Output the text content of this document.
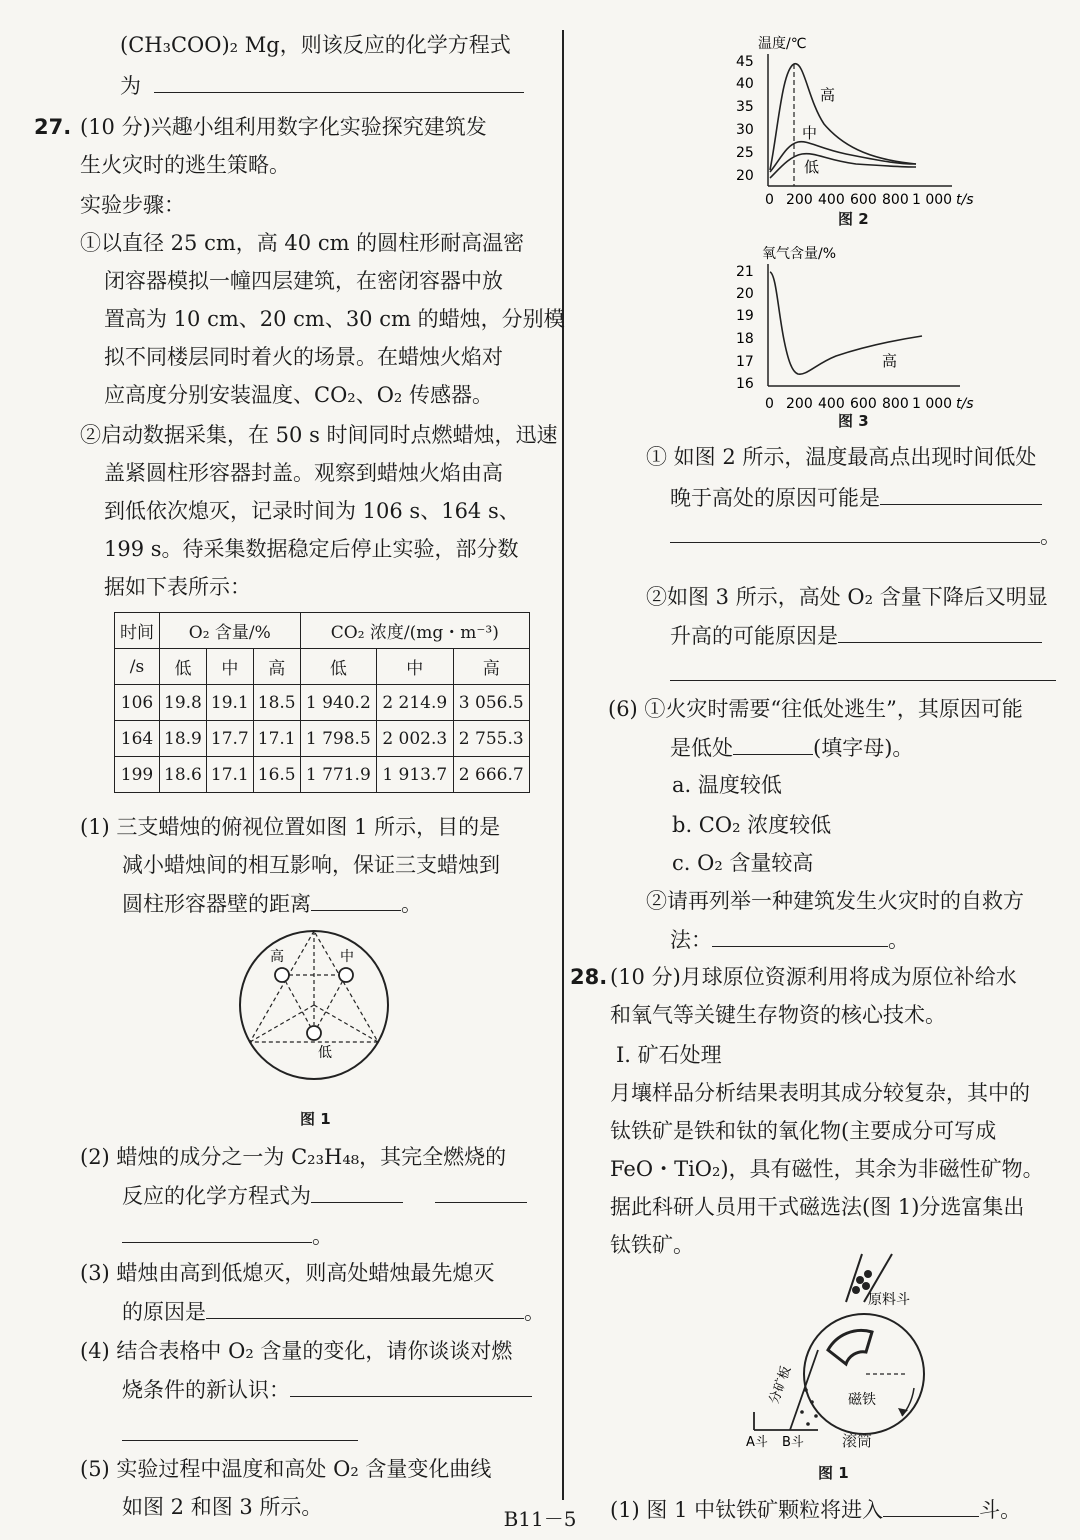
(CH₃COO)₂ Mg，则该反应的化学方程式
为
27. (10 分)兴趣小组利用数字化实验探究建筑发
生火灾时的逃生策略。
实验步骤：
①以直径 25 cm，高 40 cm 的圆柱形耐高温密
闭容器模拟一幢四层建筑，在密闭容器中放
置高为 10 cm、20 cm、30 cm 的蜡烛，分别模
拟不同楼层同时着火的场景。在蜡烛火焰对
应高度分别安装温度、CO₂、O₂ 传感器。
②启动数据采集，在 50 s 时间同时点燃蜡烛，迅速
盖紧圆柱形容器封盖。观察到蜡烛火焰由高
到低依次熄灭，记录时间为 106 s、164 s、
199 s。待采集数据稳定后停止实验，部分数
据如下表所示：
时间	O₂ 含量/%			CO₂ 浓度/(mg・m⁻³)		
/s	低	中	高	低	中	高
106	19.8	19.1	18.5	1 940.2	2 214.9	3 056.5
164	18.9	17.7	17.1	1 798.5	2 002.3	2 755.3
199	18.6	17.1	16.5	1 771.9	1 913.7	2 666.7
(1) 三支蜡烛的俯视位置如图 1 所示，目的是
减小蜡烛间的相互影响，保证三支蜡烛到
圆柱形容器壁的距离	。
高	中
低
图 1
(2) 蜡烛的成分之一为 C₂₃H₄₈，其完全燃烧的
反应的化学方程式为
。
(3) 蜡烛由高到低熄灭，则高处蜡烛最先熄灭
的原因是	。
(4) 结合表格中 O₂ 含量的变化，请你谈谈对燃
烧条件的新认识：
(5) 实验过程中温度和高处 O₂ 含量变化曲线
如图 2 和图 3 所示。
温度/℃
45
40
35
30
25
20
0 200 400 600 800 1 000 t/s
高
中
低
图 2
氧气含量/%
21
20
19
18
17
16
0 200 400 600 800 1 000 t/s
高
图 3
① 如图 2 所示，温度最高点出现时间低处
晚于高处的原因可能是
。
②如图 3 所示，高处 O₂ 含量下降后又明显
升高的可能原因是
(6) ①火灾时需要“往低处逃生”，其原因可能
是低处	(填字母)。
a. 温度较低
b. CO₂ 浓度较低
c. O₂ 含量较高
②请再列举一种建筑发生火灾时的自救方
法：	。
28. (10 分)月球原位资源利用将成为原位补给水
和氧气等关键生存物资的核心技术。
Ⅰ. 矿石处理
月壤样品分析结果表明其成分较复杂，其中的
钛铁矿是铁和钛的氧化物(主要成分可写成
FeO・TiO₂)，具有磁性，其余为非磁性矿物。
据此科研人员用干式磁选法(图 1)分选富集出
钛铁矿。
原料斗
磁铁
分矿板
A斗 B斗	滚筒
图 1
(1) 图 1 中钛铁矿颗粒将进入	斗。
B11－5
